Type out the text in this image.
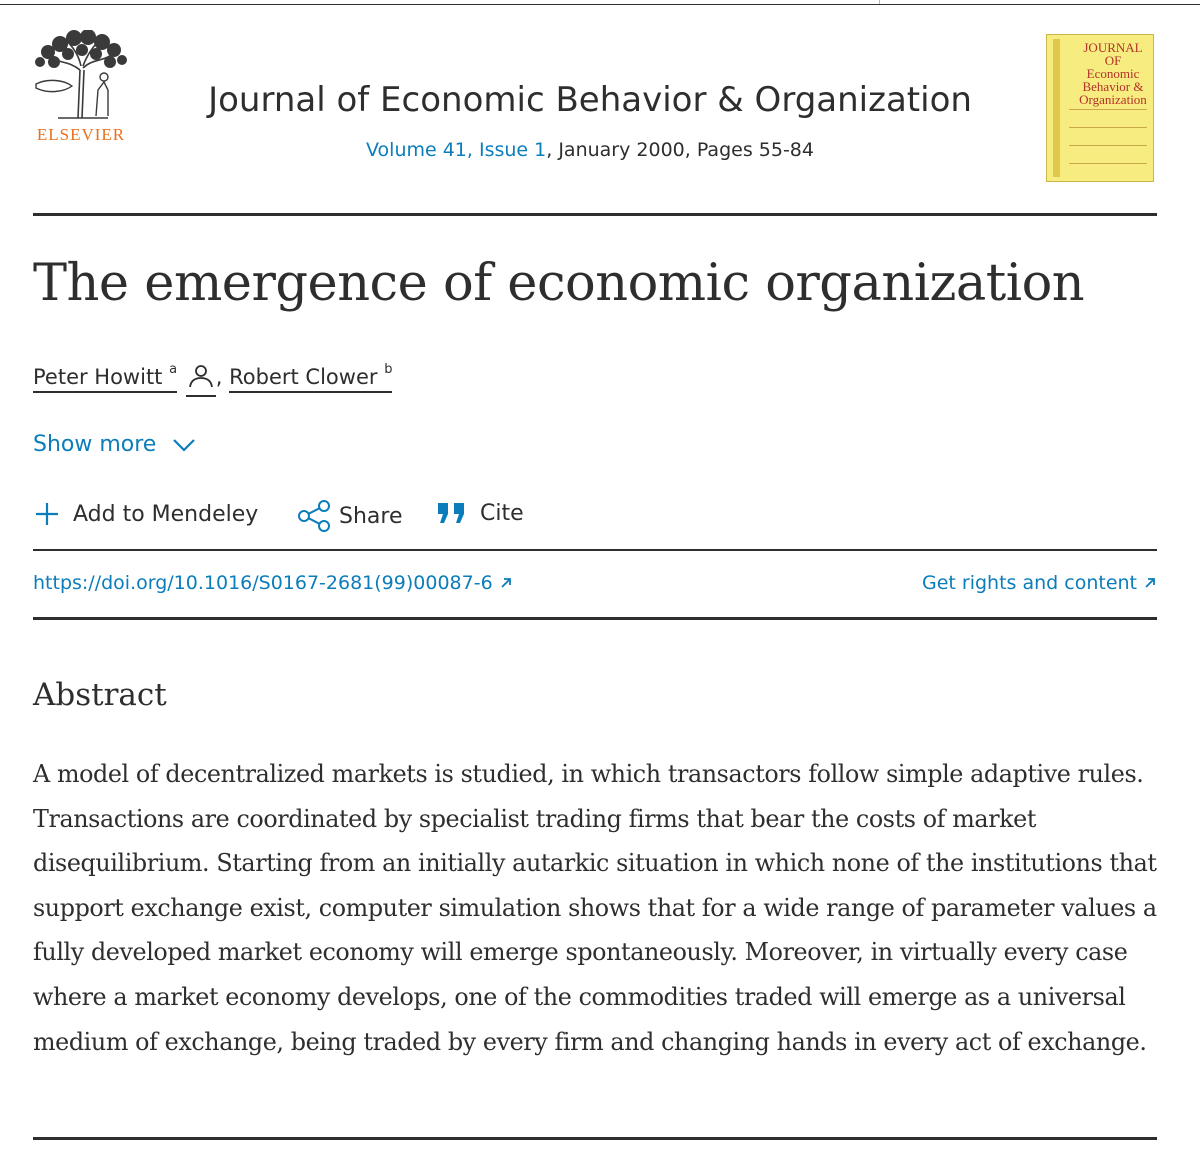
ELSEVIER
Journal of Economic Behavior & Organization
Volume 41, Issue 1, January 2000, Pages 55-84
JOURNAL OF
Economic
Behavior &
Organization
The emergence of economic organization
Peter Howitt $^a$ , Robert Clower $^b$
Show more
Add to Mendeley	Share	Cite
https://doi.org/10.1016/S0167-2681(99)00087-6	Get rights and content
Abstract

A model of decentralized markets is studied, in which transactors follow simple adaptive rules. Transactions are coordinated by specialist trading firms that bear the costs of market disequilibrium. Starting from an initially autarkic situation in which none of the institutions that support exchange exist, computer simulation shows that for a wide range of parameter values a fully developed market economy will emerge spontaneously. Moreover, in virtually every case where a market economy develops, one of the commodities traded will emerge as a universal medium of exchange, being traded by every firm and changing hands in every act of exchange.
